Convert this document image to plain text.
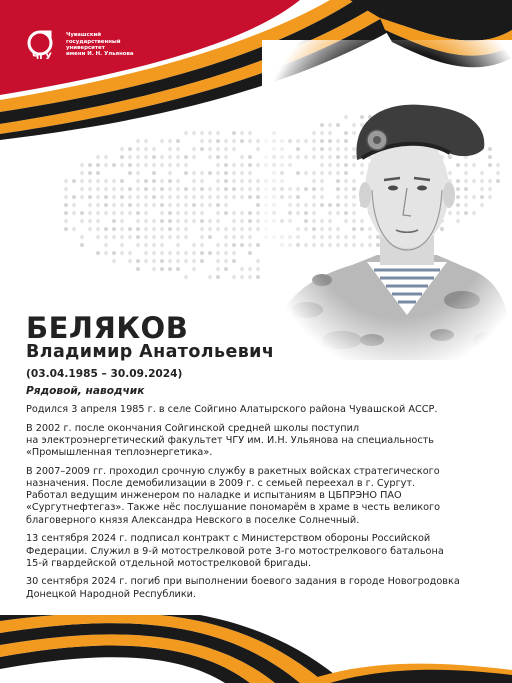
ЧГУ
Чувашский
государственный
университет
имени И. Н. Ульянова
БЕЛЯКОВ
Владимир Анатольевич

(03.04.1985 – 30.09.2024)

Рядовой, наводчик

Родился 3 апреля 1985 г. в селе Сойгино Алатырского района Чувашской АССР.

В 2002 г. после окончания Сойгинской средней школы поступил
на электроэнергетический факультет ЧГУ им. И.Н. Ульянова на специальность
«Промышленная теплоэнергетика».

В 2007–2009 гг. проходил срочную службу в ракетных войсках стратегического
назначения. После демобилизации в 2009 г. с семьей переехал в г. Сургут.
Работал ведущим инженером по наладке и испытаниям в ЦБПРЭНО ПАО
«Сургутнефтегаз». Также нёс послушание пономарём в храме в честь великого
благоверного князя Александра Невского в поселке Солнечный.

13 сентября 2024 г. подписал контракт с Министерством обороны Российской
Федерации. Служил в 9-й мотострелковой роте 3-го мотострелкового батальона
15-й гвардейской отдельной мотострелковой бригады.

30 сентября 2024 г. погиб при выполнении боевого задания в городе Новогродовка
Донецкой Народной Республики.
